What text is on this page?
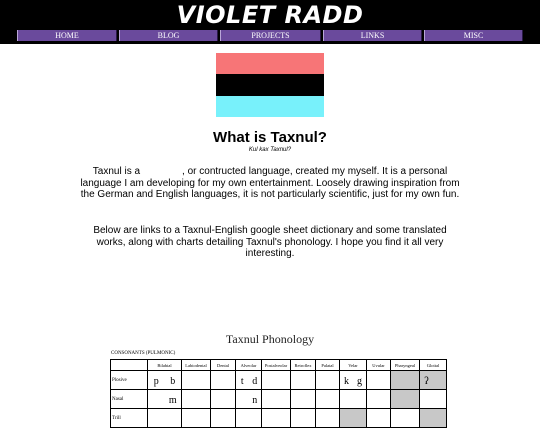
VIOLET RADD
HOME	BLOG	PROJECTS	LINKS	MISC
What is Taxnul?
Kul kax Taxnul?

Taxnul is a	, or contructed language, created my myself. It is a personal language I am developing for my own entertainment. Loosely drawing inspiration from the German and English languages, it is not particularly scientific, just for my own fun.

Below are links to a Taxnul-English google sheet dictionary and some translated works, along with charts detailing Taxnul's phonology. I hope you find it all very interesting.

Taxnul Phonology
CONSONANTS (PULMONIC)
	Bilabial	Labiodental	Dental	Alveolar	Postalveolar	Retroflex	Palatal	Velar	Uvular	Pharyngeal	Glottal
Plosive	p b			t d				k g			ʔ
Nasal	m			n							
Trill											
